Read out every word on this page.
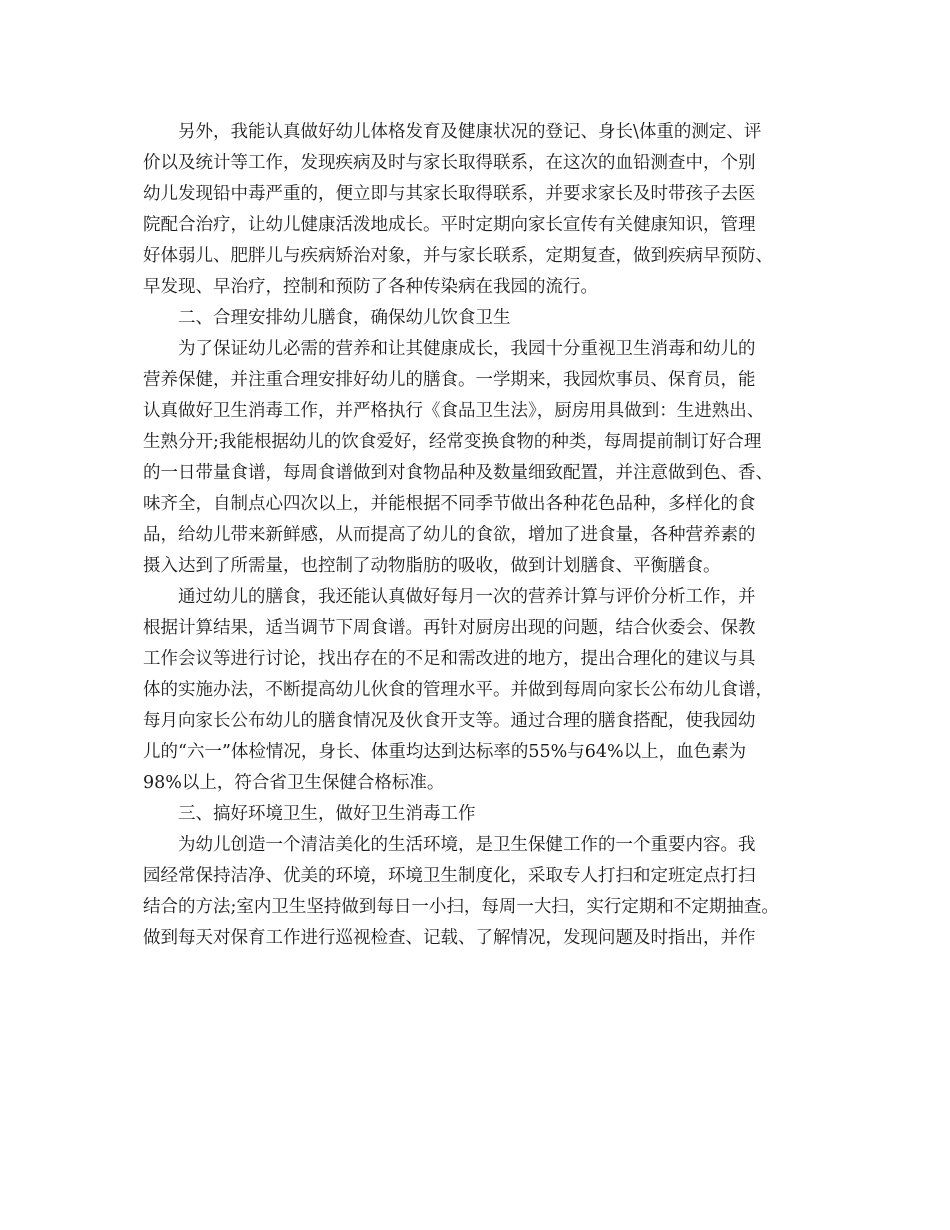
另外，我能认真做好幼儿体格发育及健康状况的登记、身长\体重的测定、评
价以及统计等工作，发现疾病及时与家长取得联系，在这次的血铅测查中，个别
幼儿发现铅中毒严重的，便立即与其家长取得联系，并要求家长及时带孩子去医
院配合治疗，让幼儿健康活泼地成长。平时定期向家长宣传有关健康知识，管理
好体弱儿、肥胖儿与疾病矫治对象，并与家长联系，定期复查，做到疾病早预防、
早发现、早治疗，控制和预防了各种传染病在我园的流行。
二、合理安排幼儿膳食，确保幼儿饮食卫生
为了保证幼儿必需的营养和让其健康成长，我园十分重视卫生消毒和幼儿的
营养保健，并注重合理安排好幼儿的膳食。一学期来，我园炊事员、保育员，能
认真做好卫生消毒工作，并严格执行《食品卫生法》，厨房用具做到：生进熟出、
生熟分开;我能根据幼儿的饮食爱好，经常变换食物的种类，每周提前制订好合理
的一日带量食谱，每周食谱做到对食物品种及数量细致配置，并注意做到色、香、
味齐全，自制点心四次以上，并能根据不同季节做出各种花色品种，多样化的食
品，给幼儿带来新鲜感，从而提高了幼儿的食欲，增加了进食量，各种营养素的
摄入达到了所需量，也控制了动物脂肪的吸收，做到计划膳食、平衡膳食。
通过幼儿的膳食，我还能认真做好每月一次的营养计算与评价分析工作，并
根据计算结果，适当调节下周食谱。再针对厨房出现的问题，结合伙委会、保教
工作会议等进行讨论，找出存在的不足和需改进的地方，提出合理化的建议与具
体的实施办法，不断提高幼儿伙食的管理水平。并做到每周向家长公布幼儿食谱，
每月向家长公布幼儿的膳食情况及伙食开支等。通过合理的膳食搭配，使我园幼
儿的“六一”体检情况，身长、体重均达到达标率的55%与64%以上，血色素为
98%以上，符合省卫生保健合格标准。
三、搞好环境卫生，做好卫生消毒工作
为幼儿创造一个清洁美化的生活环境，是卫生保健工作的一个重要内容。我
园经常保持洁净、优美的环境，环境卫生制度化，采取专人打扫和定班定点打扫
结合的方法;室内卫生坚持做到每日一小扫，每周一大扫，实行定期和不定期抽查。
做到每天对保育工作进行巡视检查、记载、了解情况，发现问题及时指出，并作
